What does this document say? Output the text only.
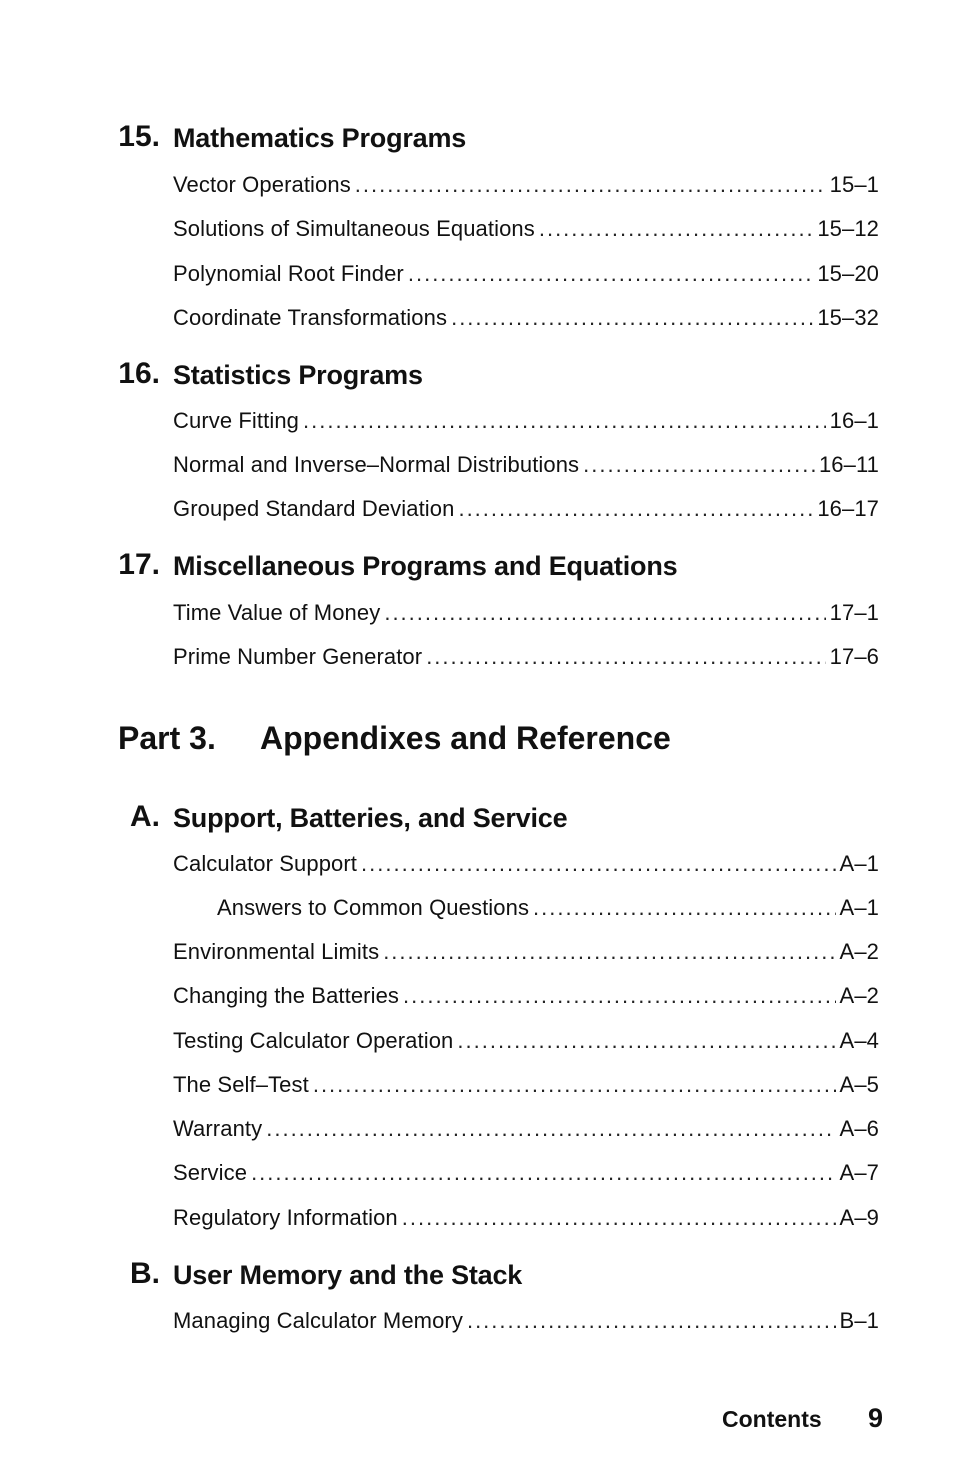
15. Mathematics Programs
Vector Operations .....	15–1
Solutions of Simultaneous Equations .....	15–12
Polynomial Root Finder .....	15–20
Coordinate Transformations .....	15–32
16. Statistics Programs
Curve Fitting .....	16–1
Normal and Inverse–Normal Distributions .....	16–11
Grouped Standard Deviation .....	16–17
17. Miscellaneous Programs and Equations
Time Value of Money .....	17–1
Prime Number Generator .....	17–6
Part 3. Appendixes and Reference
A. Support, Batteries, and Service
Calculator Support .....	A–1
Answers to Common Questions .....	A–1
Environmental Limits .....	A–2
Changing the Batteries .....	A–2
Testing Calculator Operation .....	A–4
The Self–Test .....	A–5
Warranty .....	A–6
Service .....	A–7
Regulatory Information .....	A–9
B. User Memory and the Stack
Managing Calculator Memory .....	B–1
Contents 9
